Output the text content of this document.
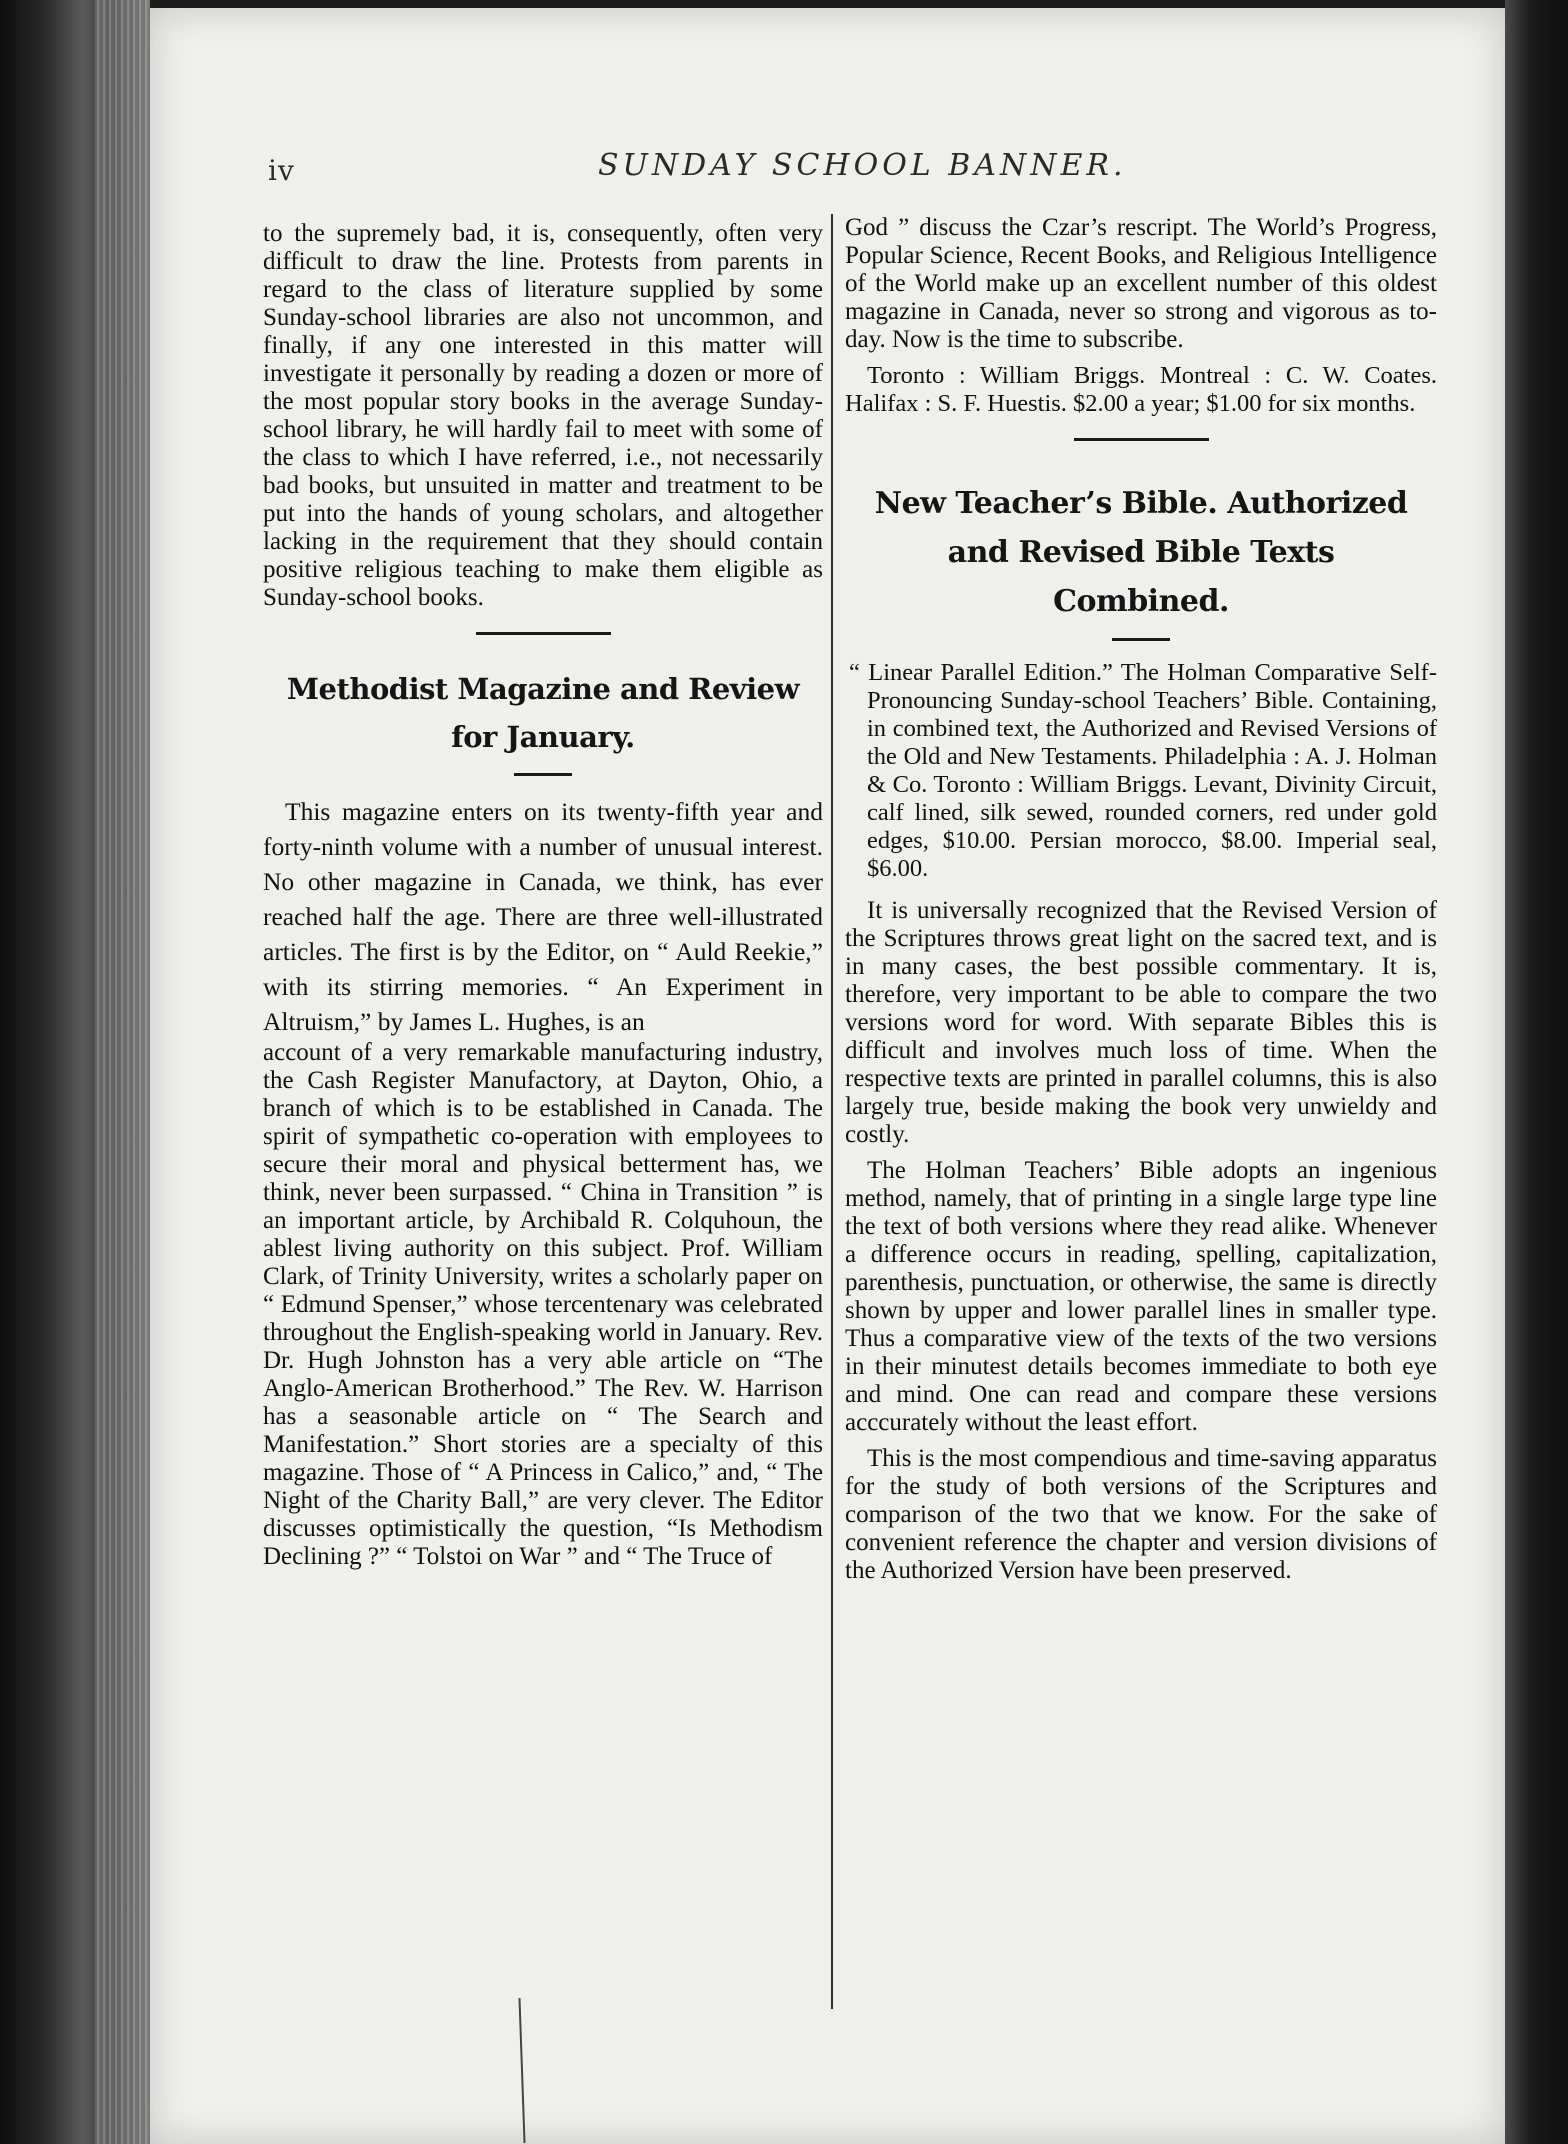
iv	SUNDAY SCHOOL BANNER.

to the supremely bad, it is, consequently, often very difficult to draw the line. Protests from parents in regard to the class of literature supplied by some Sunday-school libraries are also not uncommon, and finally, if any one interested in this matter will investigate it personally by reading a dozen or more of the most popular story books in the average Sunday-school library, he will hardly fail to meet with some of the class to which I have referred, i.e., not necessarily bad books, but unsuited in matter and treatment to be put into the hands of young scholars, and altogether lacking in the requirement that they should contain positive religious teaching to make them eligible as Sunday-school books.

Methodist Magazine and Review
for January.

This magazine enters on its twenty-fifth year and forty-ninth volume with a number of unusual interest. No other magazine in Canada, we think, has ever reached half the age. There are three well-illustrated articles. The first is by the Editor, on “ Auld Reekie,” with its stirring memories. “ An Experiment in Altruism,” by James L. Hughes, is an

account of a very remarkable manufacturing industry, the Cash Register Manufactory, at Dayton, Ohio, a branch of which is to be established in Canada. The spirit of sympathetic co-operation with employees to secure their moral and physical betterment has, we think, never been surpassed. “ China in Transition ” is an important article, by Archibald R. Colquhoun, the ablest living authority on this subject. Prof. William Clark, of Trinity University, writes a scholarly paper on “ Edmund Spenser,” whose tercentenary was celebrated throughout the English-speaking world in January. Rev. Dr. Hugh Johnston has a very able article on “The Anglo-American Brotherhood.” The Rev. W. Harrison has a seasonable article on “ The Search and Manifestation.” Short stories are a specialty of this magazine. Those of “ A Princess in Calico,” and, “ The Night of the Charity Ball,” are very clever. The Editor discusses optimistically the question, “Is Methodism Declining ?” “ Tolstoi on War ” and “ The Truce of

God ” discuss the Czar’s rescript. The World’s Progress, Popular Science, Recent Books, and Religious Intelligence of the World make up an excellent number of this oldest magazine in Canada, never so strong and vigorous as to-day. Now is the time to subscribe.

Toronto : William Briggs. Montreal : C. W. Coates. Halifax : S. F. Huestis. $2.00 a year; $1.00 for six months.

New Teacher’s Bible. Authorized
and Revised Bible Texts
Combined.

“ Linear Parallel Edition.” The Holman Comparative Self-Pronouncing Sunday-school Teachers’ Bible. Containing, in combined text, the Authorized and Revised Versions of the Old and New Testaments. Philadelphia : A. J. Holman & Co. Toronto : William Briggs. Levant, Divinity Circuit, calf lined, silk sewed, rounded corners, red under gold edges, $10.00. Persian morocco, $8.00. Imperial seal, $6.00.

It is universally recognized that the Revised Version of the Scriptures throws great light on the sacred text, and is in many cases, the best possible commentary. It is, therefore, very important to be able to compare the two versions word for word. With separate Bibles this is difficult and involves much loss of time. When the respective texts are printed in parallel columns, this is also largely true, beside making the book very unwieldy and costly.

The Holman Teachers’ Bible adopts an ingenious method, namely, that of printing in a single large type line the text of both versions where they read alike. Whenever a difference occurs in reading, spelling, capitalization, parenthesis, punctuation, or otherwise, the same is directly shown by upper and lower parallel lines in smaller type. Thus a comparative view of the texts of the two versions in their minutest details becomes immediate to both eye and mind. One can read and compare these versions acccurately without the least effort.

This is the most compendious and time-saving apparatus for the study of both versions of the Scriptures and comparison of the two that we know. For the sake of convenient reference the chapter and version divisions of the Authorized Version have been preserved.
